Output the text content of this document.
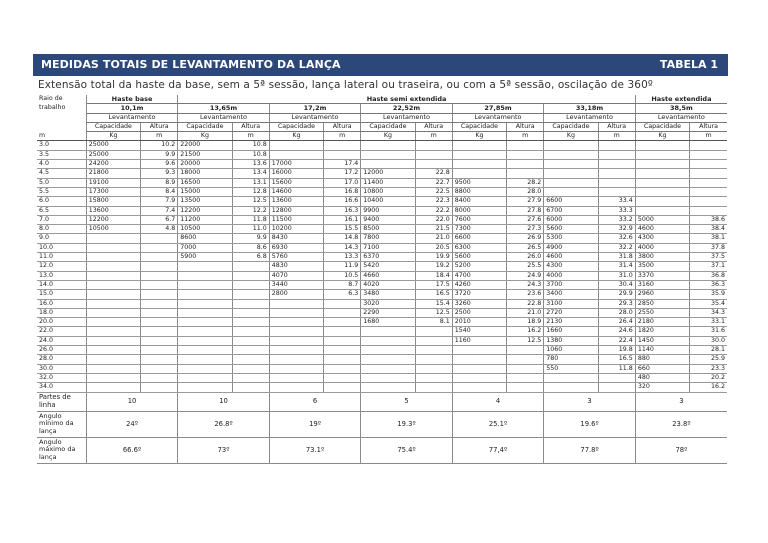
MEDIDAS TOTAIS DE LEVANTAMENTO DA LANÇA	TABELA 1
Extensão total da haste da base, sem a 5ª sessão, lança lateral ou traseira, ou com a 5ª sessão, oscilação de 360º
Raio de	Haste base		Haste semi extendida										Haste extendida	
trabalho	10,1m		13,65m		17,2m		22,52m		27,85m		33,18m		38,5m	
	Levantamento		Levantamento		Levantamento		Levantamento		Levantamento		Levantamento		Levantamento	
	Capacidade	Altura	Capacidade	Altura	Capacidade	Altura	Capacidade	Altura	Capacidade	Altura	Capacidade	Altura	Capacidade	Altura
m	Kg	m	Kg	m	Kg	m	Kg	m	Kg	m	Kg	m	Kg	m
3.0	25000	10.2	22000	10.8										
3.5	25000	9.9	21500	10.8										
4.0	24200	9.6	20000	13.6	17000	17.4								
4.5	21800	9.3	18000	13.4	16000	17.2	12000	22.8						
5.0	19100	8.9	16500	13.1	15600	17.0	11400	22.7	9500	28.2				
5.5	17300	8.4	15000	12.8	14600	16.8	10800	22.5	8800	28.0				
6.0	15800	7.9	13500	12.5	13600	16.6	10400	22.3	8400	27.9	6600	33.4		
6.5	13600	7.4	12200	12.2	12800	16.3	9900	22.2	8000	27.8	6700	33.3		
7.0	12200	6.7	11200	11.8	11500	16.1	9400	22.0	7600	27.6	6000	33.2	5000	38.6
8.0	10500	4.8	10500	11.0	10200	15.5	8500	21.5	7300	27.3	5600	32.9	4600	38.4
9.0			8600	9.9	8430	14.8	7800	21.0	6600	26.9	5300	32.6	4300	38.1
10.0			7000	8.6	6930	14.3	7100	20.5	6300	26.5	4900	32.2	4000	37.8
11.0			5900	6.8	5760	13.3	6370	19.9	5600	26.0	4600	31.8	3800	37.5
12.0					4830	11.9	5420	19.2	5200	25.5	4300	31.4	3500	37.1
13.0					4070	10.5	4660	18.4	4700	24.9	4000	31.0	3370	36.8
14.0					3440	8.7	4020	17.5	4260	24.3	3700	30.4	3160	36.3
15.0					2800	6.3	3480	16.5	3720	23.6	3400	29.9	2960	35.9
16.0							3020	15.4	3260	22.8	3100	29.3	2850	35.4
18.0							2290	12.5	2500	21.0	2720	28.0	2550	34.3
20.0							1680	8.1	2010	18.9	2130	26.4	2180	33.1
22.0									1540	16.2	1660	24.6	1820	31.6
24.0									1160	12.5	1380	22.4	1450	30.0
26.0											1060	19.8	1140	28.1
28.0											780	16.5	880	25.9
30.0											550	11.8	660	23.3
32.0													480	20.2
34.0													320	16.2
Partes de linha	10		10		6		5		4		3		3	
Angulo mínimo da lança	24º		26.8º		19º		19.3º		25.1º		19.6º		23.8º	
Angulo máximo da lança	66.6º		73º		73.1º		75.4º		77,4º		77.8º		78º	
